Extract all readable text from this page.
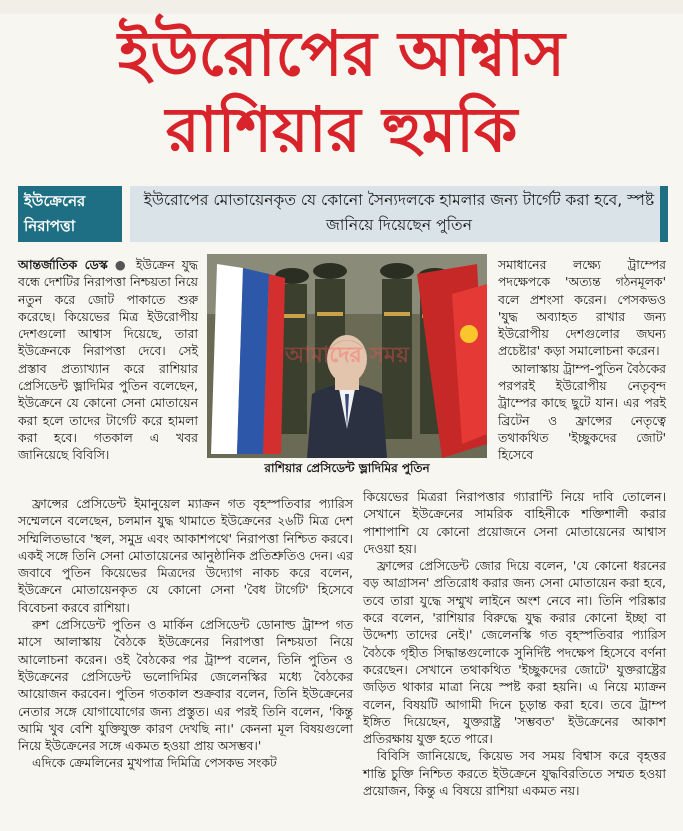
ইউরোপের আশ্বাস
রাশিয়ার হুমকি
ইউক্রেনের নিরাপত্তা
ইউরোপের মোতায়েনকৃত যে কোনো সৈন্যদলকে হামলার জন্য টার্গেট করা হবে, স্পষ্ট জানিয়ে দিয়েছেন পুতিন

আন্তর্জাতিক ডেস্ক ● ইউক্রেন যুদ্ধ বন্ধে দেশটির নিরাপত্তা নিশ্চয়তা নিয়ে নতুন করে জোট পাকাতে শুরু করেছে। কিয়েভের মিত্র ইউরোপীয় দেশগুলো আশ্বাস দিয়েছে, তারা ইউক্রেনকে নিরাপত্তা দেবে। সেই প্রস্তাব প্রত্যাখ্যান করে রাশিয়ার প্রেসিডেন্ট ভ্লাদিমির পুতিন বলেছেন, ইউক্রেনে যে কোনো সেনা মোতায়েন করা হলে তাদের টার্গেট করে হামলা করা হবে। গতকাল এ খবর জানিয়েছে বিবিসি।

আমাদের সময়
রাশিয়ার প্রেসিডেন্ট ভ্লাদিমির পুতিন

সমাধানের লক্ষ্যে ট্রাম্পের পদক্ষেপকে 'অত্যন্ত গঠনমূলক' বলে প্রশংসা করেন। পেসকভও 'যুদ্ধ অব্যাহত রাখার জন্য ইউরোপীয় দেশগুলোর জঘন্য প্রচেষ্টার' কড়া সমালোচনা করেন।

আলাস্কায় ট্রাম্প-পুতিন বৈঠকের পরপরই ইউরোপীয় নেতৃবৃন্দ ট্রাম্পের কাছে ছুটে যান। এর পরই ব্রিটেন ও ফ্রান্সের নেতৃত্বে তথাকথিত 'ইচ্ছুকদের জোট' হিসেবে

ফ্রান্সের প্রেসিডেন্ট ইমানুয়েল ম্যাক্রন গত বৃহস্পতিবার প্যারিস সম্মেলনে বলেছেন, চলমান যুদ্ধ থামাতে ইউক্রেনের ২৬টি মিত্র দেশ সম্মিলিতভাবে 'স্থল, সমুদ্র এবং আকাশপথে' নিরাপত্তা নিশ্চিত করবে। একই সঙ্গে তিনি সেনা মোতায়েনের আনুষ্ঠানিক প্রতিশ্রুতিও দেন। এর জবাবে পুতিন কিয়েভের মিত্রদের উদ্যোগ নাকচ করে বলেন, ইউক্রেনে মোতায়েনকৃত যে কোনো সেনা 'বৈধ টার্গেট' হিসেবে বিবেচনা করবে রাশিয়া।

রুশ প্রেসিডেন্ট পুতিন ও মার্কিন প্রেসিডেন্ট ডোনাল্ড ট্রাম্প গত মাসে আলাস্কায় বৈঠকে ইউক্রেনের নিরাপত্তা নিশ্চয়তা নিয়ে আলোচনা করেন। ওই বৈঠকের পর ট্রাম্প বলেন, তিনি পুতিন ও ইউক্রেনের প্রেসিডেন্ট ভলোদিমির জেলেনস্কির মধ্যে বৈঠকের আয়োজন করবেন। পুতিন গতকাল শুক্রবার বলেন, তিনি ইউক্রেনের নেতার সঙ্গে যোগাযোগের জন্য প্রস্তুত। এর পরই তিনি বলেন, 'কিন্তু আমি খুব বেশি যুক্তিযুক্ত কারণ দেখছি না।' কেননা মূল বিষয়গুলো নিয়ে ইউক্রেনের সঙ্গে একমত হওয়া প্রায় অসম্ভব।'

এদিকে ক্রেমলিনের মুখপাত্র দিমিত্রি পেসকভ সংকট

কিয়েভের মিত্ররা নিরাপত্তার গ্যারান্টি নিয়ে দাবি তোলেন। সেখানে ইউক্রেনের সামরিক বাহিনীকে শক্তিশালী করার পাশাপাশি যে কোনো প্রয়োজনে সেনা মোতায়েনের আশ্বাস দেওয়া হয়।

ফ্রান্সের প্রেসিডেন্ট জোর দিয়ে বলেন, 'যে কোনো ধরনের বড় আগ্রাসন' প্রতিরোধ করার জন্য সেনা মোতায়েন করা হবে, তবে তারা যুদ্ধে সম্মুখ লাইনে অংশ নেবে না। তিনি পরিষ্কার করে বলেন, 'রাশিয়ার বিরুদ্ধে যুদ্ধ করার কোনো ইচ্ছা বা উদ্দেশ্য তাদের নেই।' জেলেনস্কি গত বৃহস্পতিবার প্যারিস বৈঠকে গৃহীত সিদ্ধান্তগুলোকে সুনির্দিষ্ট পদক্ষেপ হিসেবে বর্ণনা করেছেন। সেখানে তথাকথিত 'ইচ্ছুকদের জোটে' যুক্তরাষ্ট্রের জড়িত থাকার মাত্রা নিয়ে স্পষ্ট করা হয়নি। এ নিয়ে ম্যাক্রন বলেন, বিষয়টি আগামী দিনে চূড়ান্ত করা হবে। তবে ট্রাম্প ইঙ্গিত দিয়েছেন, যুক্তরাষ্ট্র 'সম্ভবত' ইউক্রেনের আকাশ প্রতিরক্ষায় যুক্ত হতে পারে।

বিবিসি জানিয়েছে, কিয়েভ সব সময় বিশ্বাস করে বৃহত্তর শান্তি চুক্তি নিশ্চিত করতে ইউক্রেনে যুদ্ধবিরতিতে সম্মত হওয়া প্রয়োজন, কিন্তু এ বিষয়ে রাশিয়া একমত নয়।
